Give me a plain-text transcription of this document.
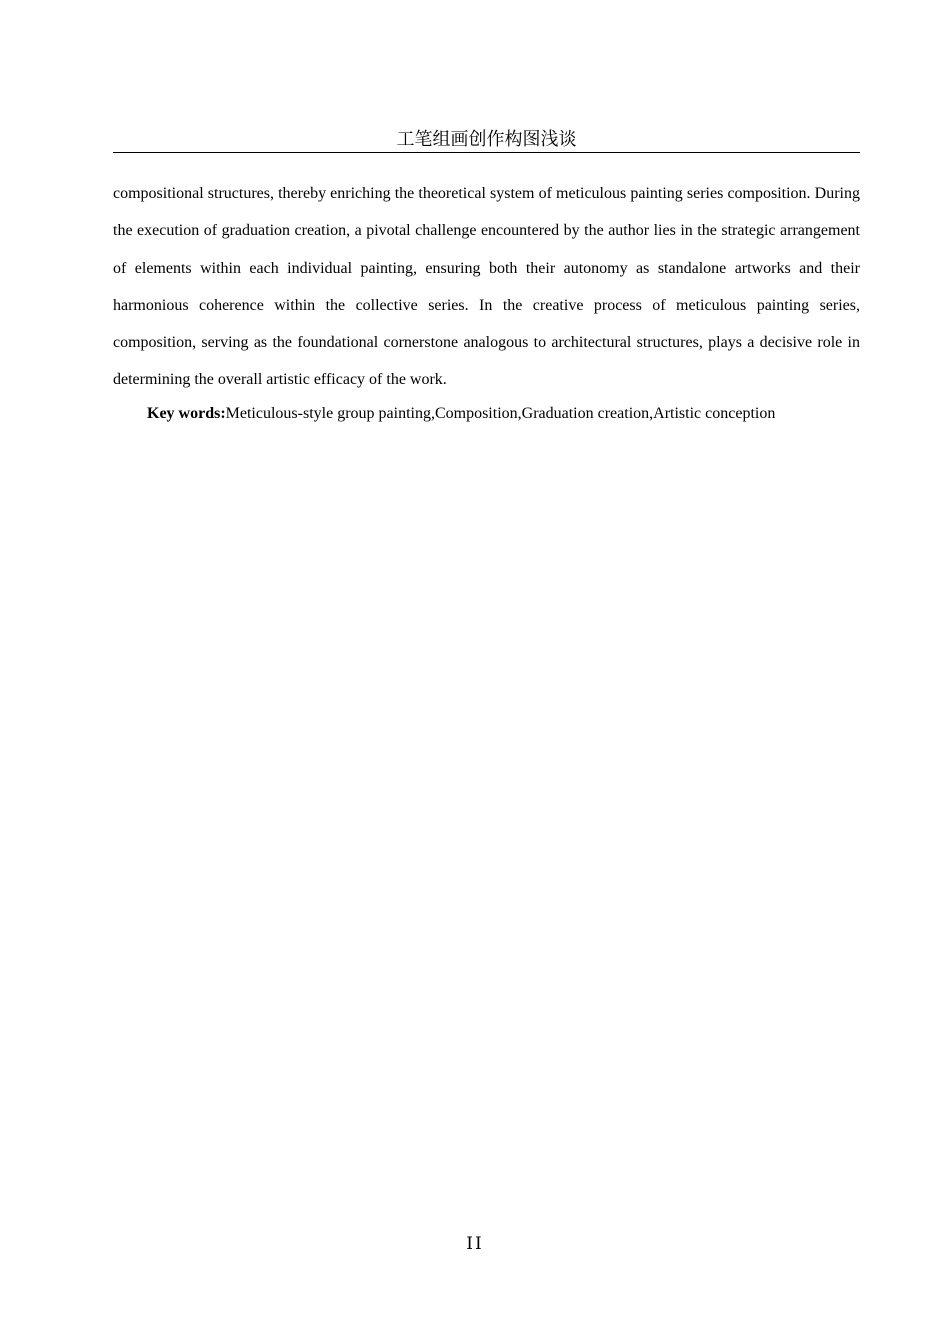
工笔组画创作构图浅谈

compositional structures, thereby enriching the theoretical system of meticulous painting series composition. During the execution of graduation creation, a pivotal challenge encountered by the author lies in the strategic arrangement of elements within each individual painting, ensuring both their autonomy as standalone artworks and their harmonious coherence within the collective series. In the creative process of meticulous painting series, composition, serving as the foundational cornerstone analogous to architectural structures, plays a decisive role in determining the overall artistic efficacy of the work.

Key words:Meticulous-style group painting,Composition,Graduation creation,Artistic conception

II
